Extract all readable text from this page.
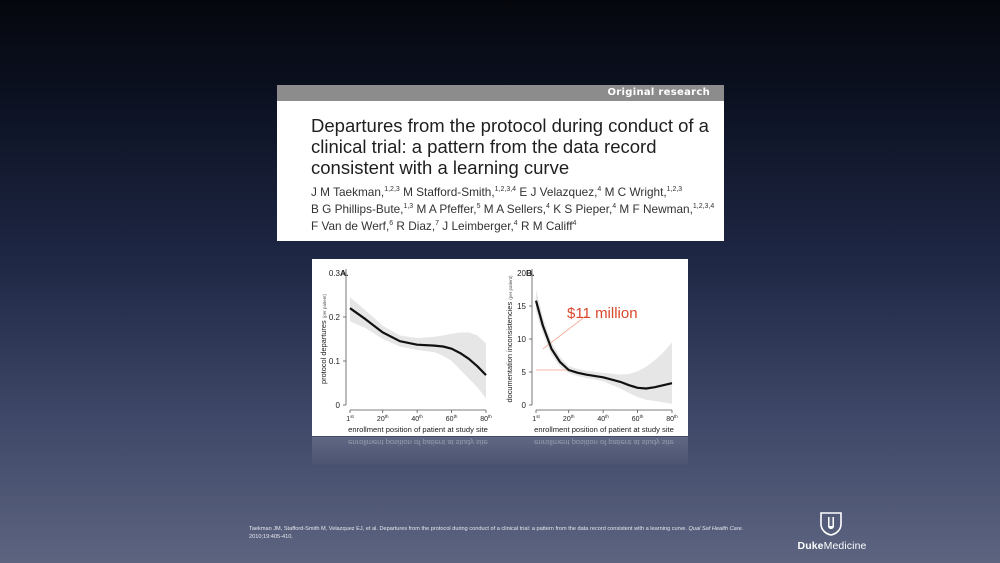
Original research
Departures from the protocol during conduct of a clinical trial: a pattern from the data record consistent with a learning curve
J M Taekman,$^{1,2,3}$ M Stafford-Smith,$^{1,2,3,4}$ E J Velazquez,$^4$ M C Wright,$^{1,2,3}$
B G Phillips-Bute,$^{1,3}$ M A Pfeffer,$^5$ M A Sellers,$^4$ K S Pieper,$^4$ M F Newman,$^{1,2,3,4}$
F Van de Werf,$^6$ R Diaz,$^7$ J Leimberger,$^4$ R M Califf$^4$
0
0.1
0.2
0.3
1st	20th	40th	60th	80th
enrollment position of patient at study site
protocol departures (per patient)
A.
0
5
10
15
20
1st	20th	40th	60th	80th
enrollment position of patient at study site
documentation inconsistencies (per patient)
B.
$11 million
enrollment position of patient at study site	enrollment position of patient at study site
Taekman JM, Stafford-Smith M, Velazquez EJ, et al. Departures from the protocol during conduct of a clinical trial: a pattern from the data record consistent with a learning curve. Qual Saf Health Care. 2010;19:405-410.
DukeMedicine
